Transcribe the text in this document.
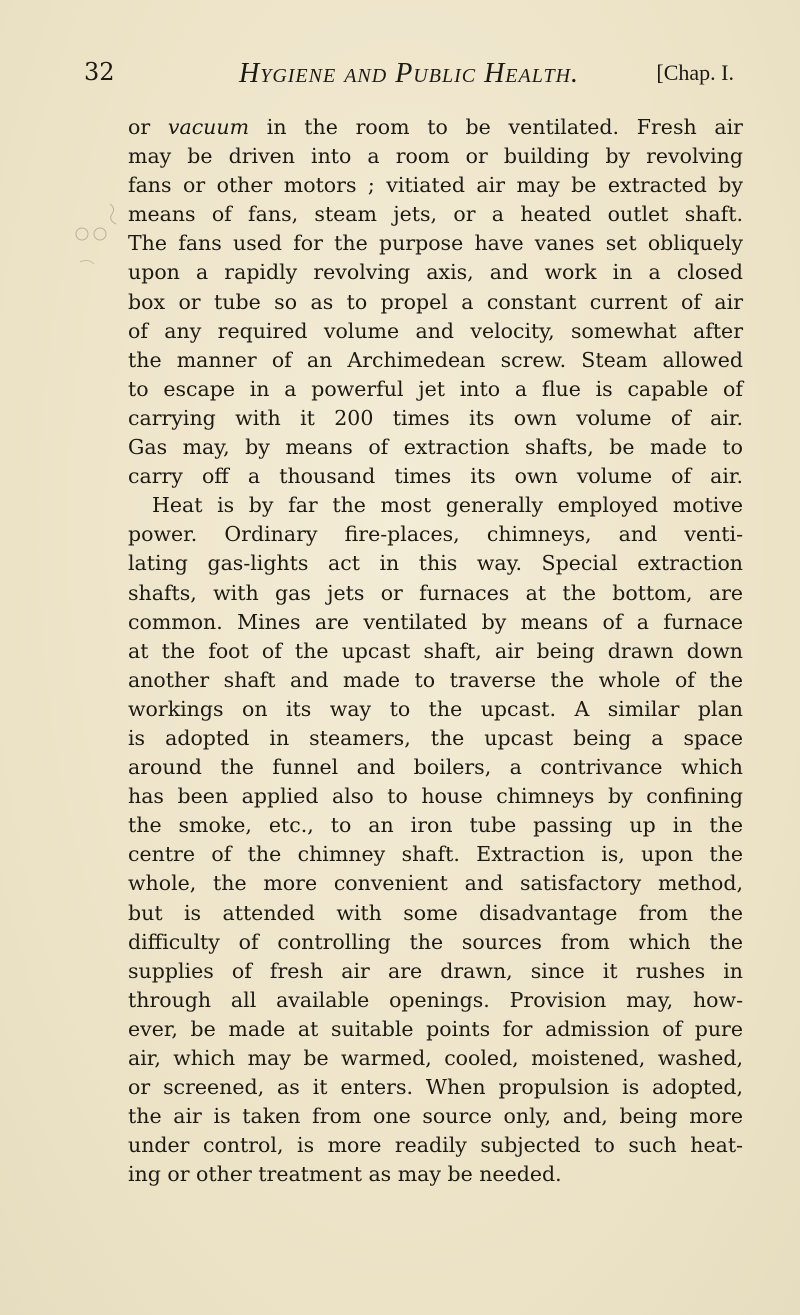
32	Hygiene and Public Health.	[Chap. I.
or vacuum in the room to be ventilated. Fresh air
may be driven into a room or building by revolving
fans or other motors ; vitiated air may be extracted by
means of fans, steam jets, or a heated outlet shaft.
The fans used for the purpose have vanes set obliquely
upon a rapidly revolving axis, and work in a closed
box or tube so as to propel a constant current of air
of any required volume and velocity, somewhat after
the manner of an Archimedean screw. Steam allowed
to escape in a powerful jet into a flue is capable of
carrying with it 200 times its own volume of air.
Gas may, by means of extraction shafts, be made to
carry off a thousand times its own volume of air.
Heat is by far the most generally employed motive
power. Ordinary fire-places, chimneys, and venti-
lating gas-lights act in this way. Special extraction
shafts, with gas jets or furnaces at the bottom, are
common. Mines are ventilated by means of a furnace
at the foot of the upcast shaft, air being drawn down
another shaft and made to traverse the whole of the
workings on its way to the upcast. A similar plan
is adopted in steamers, the upcast being a space
around the funnel and boilers, a contrivance which
has been applied also to house chimneys by confining
the smoke, etc., to an iron tube passing up in the
centre of the chimney shaft. Extraction is, upon the
whole, the more convenient and satisfactory method,
but is attended with some disadvantage from the
difficulty of controlling the sources from which the
supplies of fresh air are drawn, since it rushes in
through all available openings. Provision may, how-
ever, be made at suitable points for admission of pure
air, which may be warmed, cooled, moistened, washed,
or screened, as it enters. When propulsion is adopted,
the air is taken from one source only, and, being more
under control, is more readily subjected to such heat-
ing or other treatment as may be needed.
